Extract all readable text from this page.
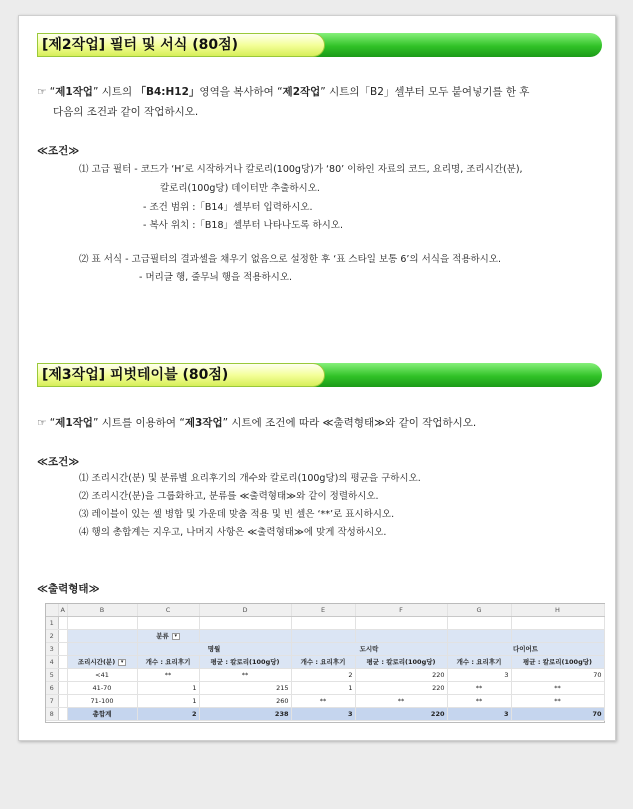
[제2작업] 필터 및 서식 (80점)
☞ “제1작업” 시트의 「B4:H12」영역을 복사하여 “제2작업” 시트의「B2」셀부터 모두 붙여넣기를 한 후
다음의 조건과 같이 작업하시오.
≪조건≫
⑴ 고급 필터 - 코드가 ‘H’로 시작하거나 칼로리(100g당)가 ‘80’ 이하인 자료의 코드, 요리명, 조리시간(분),
칼로리(100g당) 데이터만 추출하시오.
- 조건 범위 :「B14」셀부터 입력하시오.
- 복사 위치 :「B18」셀부터 나타나도록 하시오.
⑵ 표 서식 - 고급필터의 결과셀을 채우기 없음으로 설정한 후 ‘표 스타일 보통 6’의 서식을 적용하시오.
- 머리글 행, 줄무늬 행을 적용하시오.
[제3작업] 피벗테이블 (80점)
☞ “제1작업” 시트를 이용하여 “제3작업” 시트에 조건에 따라 ≪출력형태≫와 같이 작업하시오.
≪조건≫
⑴ 조리시간(분) 및 분류별 요리후기의 개수와 칼로리(100g당)의 평균을 구하시오.
⑵ 조리시간(분)을 그룹화하고, 분류를 ≪출력형태≫와 같이 정렬하시오.
⑶ 레이블이 있는 셀 병합 및 가운데 맞춤 적용 및 빈 셀은 ‘**’로 표시하시오.
⑷ 행의 총합계는 지우고, 나머지 사항은 ≪출력형태≫에 맞게 작성하시오.
≪출력형태≫
	A	B	C	D	E	F	G	H
1								
2			분류 ▾					
3			명월		도시락		다이어트	
4		조리시간(분) ▾	개수 : 요리후기	평균 : 칼로리(100g당)	개수 : 요리후기	평균 : 칼로리(100g당)	개수 : 요리후기	평균 : 칼로리(100g당)
5		<41	**	**	2	220	3	70
6		41-70	1	215	1	220	**	**
7		71-100	1	260	**	**	**	**
8		총합계	2	238	3	220	3	70
